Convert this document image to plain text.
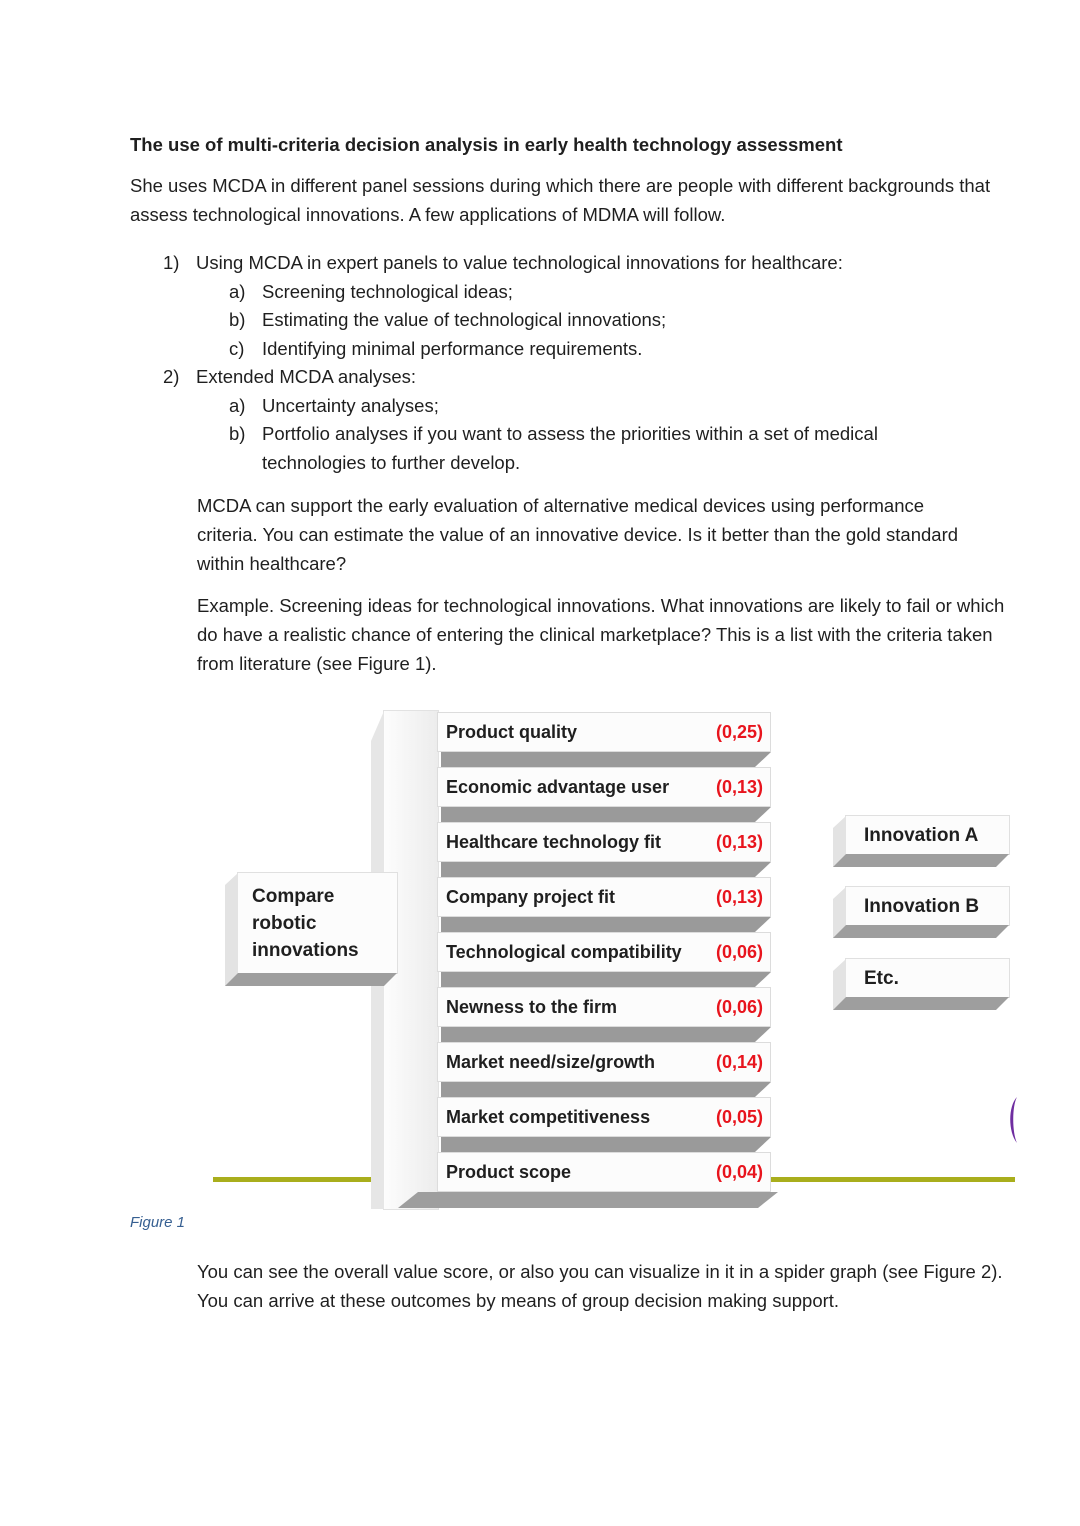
The use of multi-criteria decision analysis in early health technology assessment
She uses MCDA in different panel sessions during which there are people with different backgrounds that assess technological innovations. A few applications of MDMA will follow.
1) Using MCDA in expert panels to value technological innovations for healthcare:
a) Screening technological ideas;
b) Estimating the value of technological innovations;
c) Identifying minimal performance requirements.
2) Extended MCDA analyses:
a) Uncertainty analyses;
b) Portfolio analyses if you want to assess the priorities within a set of medical technologies to further develop.
MCDA can support the early evaluation of alternative medical devices using performance criteria. You can estimate the value of an innovative device. Is it better than the gold standard within healthcare?
Example. Screening ideas for technological innovations. What innovations are likely to fail or which do have a realistic chance of entering the clinical marketplace? This is a list with the criteria taken from literature (see Figure 1).
Compare robotic innovations
Product quality	(0,25)
Economic advantage user	(0,13)
Healthcare technology fit	(0,13)
Company project fit	(0,13)
Technological compatibility (0,06)
Newness to the firm	(0,06)
Market need/size/growth	(0,14)
Market competitiveness	(0,05)
Product scope	(0,04)
Innovation A
Innovation B
Etc.
Figure 1
You can see the overall value score, or also you can visualize in it in a spider graph (see Figure 2). You can arrive at these outcomes by means of group decision making support.
